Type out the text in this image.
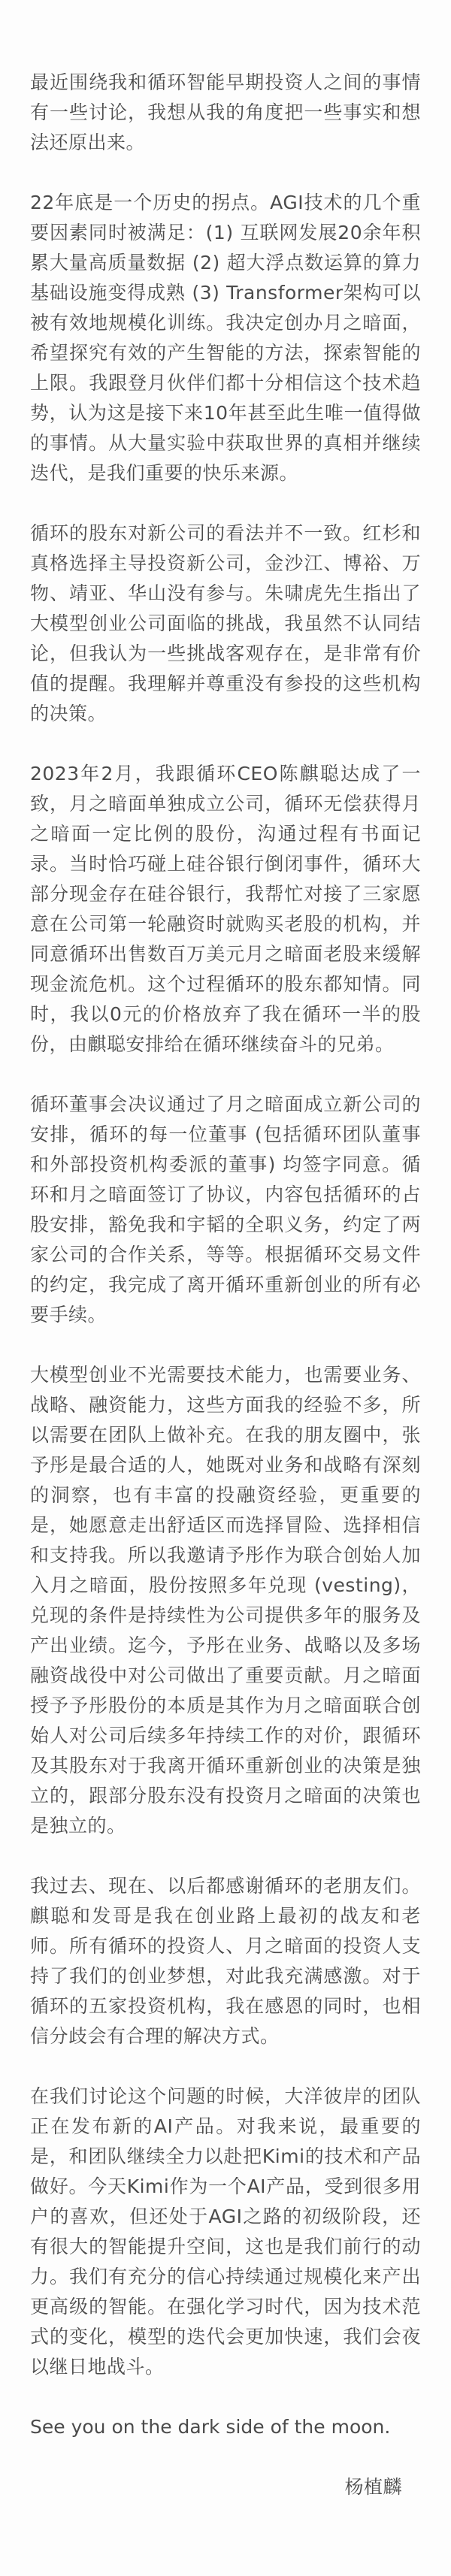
最近围绕我和循环智能早期投资人之间的事情有一些讨论，我想从我的角度把一些事实和想法还原出来。

22年底是一个历史的拐点。AGI技术的几个重要因素同时被满足：(1) 互联网发展20余年积累大量高质量数据 (2) 超大浮点数运算的算力基础设施变得成熟 (3) Transformer架构可以被有效地规模化训练。我决定创办月之暗面，希望探究有效的产生智能的方法，探索智能的上限。我跟登月伙伴们都十分相信这个技术趋势，认为这是接下来10年甚至此生唯一值得做的事情。从大量实验中获取世界的真相并继续迭代，是我们重要的快乐来源。

循环的股东对新公司的看法并不一致。红杉和真格选择主导投资新公司，金沙江、博裕、万物、靖亚、华山没有参与。朱啸虎先生指出了大模型创业公司面临的挑战，我虽然不认同结论，但我认为一些挑战客观存在，是非常有价值的提醒。我理解并尊重没有参投的这些机构的决策。

2023年2月，我跟循环CEO陈麒聪达成了一致，月之暗面单独成立公司，循环无偿获得月之暗面一定比例的股份，沟通过程有书面记录。当时恰巧碰上硅谷银行倒闭事件，循环大部分现金存在硅谷银行，我帮忙对接了三家愿意在公司第一轮融资时就购买老股的机构，并同意循环出售数百万美元月之暗面老股来缓解现金流危机。这个过程循环的股东都知情。同时，我以0元的价格放弃了我在循环一半的股份，由麒聪安排给在循环继续奋斗的兄弟。

循环董事会决议通过了月之暗面成立新公司的安排，循环的每一位董事 (包括循环团队董事和外部投资机构委派的董事) 均签字同意。循环和月之暗面签订了协议，内容包括循环的占股安排，豁免我和宇韬的全职义务，约定了两家公司的合作关系，等等。根据循环交易文件的约定，我完成了离开循环重新创业的所有必要手续。

大模型创业不光需要技术能力，也需要业务、战略、融资能力，这些方面我的经验不多，所以需要在团队上做补充。在我的朋友圈中，张予彤是最合适的人，她既对业务和战略有深刻的洞察，也有丰富的投融资经验，更重要的是，她愿意走出舒适区而选择冒险、选择相信和支持我。所以我邀请予彤作为联合创始人加入月之暗面，股份按照多年兑现 (vesting)，兑现的条件是持续性为公司提供多年的服务及产出业绩。迄今，予彤在业务、战略以及多场融资战役中对公司做出了重要贡献。月之暗面授予予彤股份的本质是其作为月之暗面联合创始人对公司后续多年持续工作的对价，跟循环及其股东对于我离开循环重新创业的决策是独立的，跟部分股东没有投资月之暗面的决策也是独立的。

我过去、现在、以后都感谢循环的老朋友们。麒聪和发哥是我在创业路上最初的战友和老师。所有循环的投资人、月之暗面的投资人支持了我们的创业梦想，对此我充满感激。对于循环的五家投资机构，我在感恩的同时，也相信分歧会有合理的解决方式。

在我们讨论这个问题的时候，大洋彼岸的团队正在发布新的AI产品。对我来说，最重要的是，和团队继续全力以赴把Kimi的技术和产品做好。今天Kimi作为一个AI产品，受到很多用户的喜欢，但还处于AGI之路的初级阶段，还有很大的智能提升空间，这也是我们前行的动力。我们有充分的信心持续通过规模化来产出更高级的智能。在强化学习时代，因为技术范式的变化，模型的迭代会更加快速，我们会夜以继日地战斗。

See you on the dark side of the moon.

杨植麟
